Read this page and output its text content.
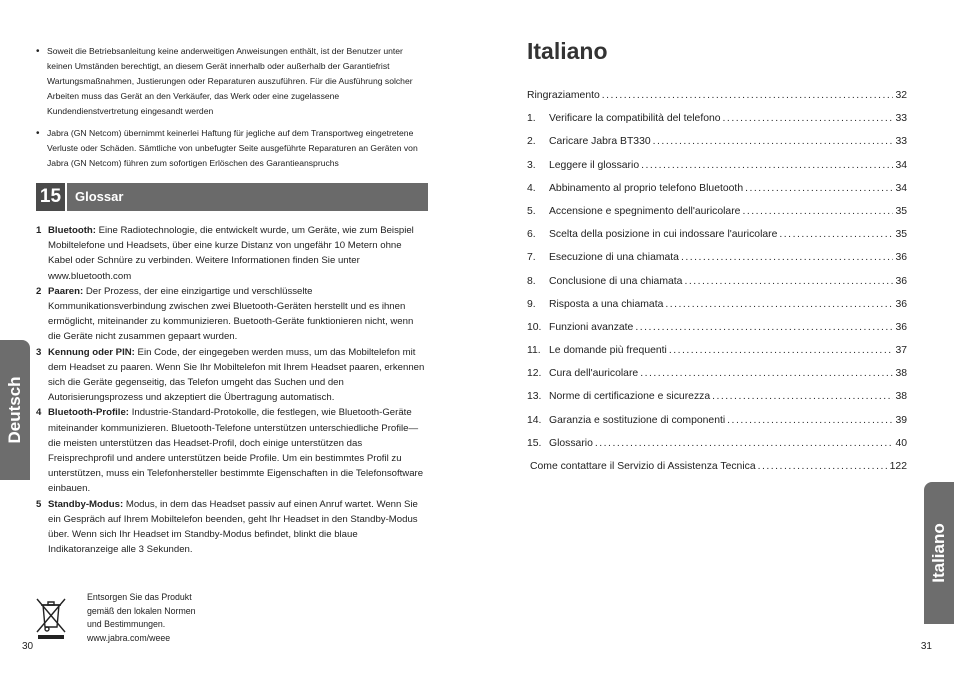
• Soweit die Betriebsanleitung keine anderweitigen Anweisungen enthält, ist der Benutzer unter keinen Umständen berechtigt, an diesem Gerät innerhalb oder außerhalb der Garantiefrist Wartungsmaßnahmen, Justierungen oder Reparaturen auszuführen. Für die Ausführung solcher Arbeiten muss das Gerät an den Verkäufer, das Werk oder eine zugelassene Kundendienstvertretung eingesandt werden
• Jabra (GN Netcom) übernimmt keinerlei Haftung für jegliche auf dem Transportweg eingetretene Verluste oder Schäden. Sämtliche von unbefugter Seite ausgeführte Reparaturen an Geräten von Jabra (GN Netcom) führen zum sofortigen Erlöschen des Garantieanspruchs
15	Glossar
1 Bluetooth: Eine Radiotechnologie, die entwickelt wurde, um Geräte, wie zum Beispiel Mobiltelefone und Headsets, über eine kurze Distanz von ungefähr 10 Metern ohne Kabel oder Schnüre zu verbinden. Weitere Informationen finden Sie unter www.bluetooth.com
2 Paaren: Der Prozess, der eine einzigartige und verschlüsselte Kommunikationsverbindung zwischen zwei Bluetooth-Geräten herstellt und es ihnen ermöglicht, miteinander zu kommunizieren. Buetooth-Geräte funktionieren nicht, wenn die Geräte nicht zusammen gepaart wurden.
3 Kennung oder PIN: Ein Code, der eingegeben werden muss, um das Mobiltelefon mit dem Headset zu paaren. Wenn Sie Ihr Mobiltelefon mit Ihrem Headset paaren, erkennen sich die Geräte gegenseitig, das Telefon umgeht das Suchen und den Autorisierungsprozess und akzeptiert die Übertragung automatisch.
4 Bluetooth-Profile: Industrie-Standard-Protokolle, die festlegen, wie Bluetooth-Geräte miteinander kommunizieren. Bluetooth-Telefone unterstützen unterschiedliche Profile—die meisten unterstützen das Headset-Profil, doch einige unterstützen das Freisprechprofil und andere unterstützen beide Profile. Um ein bestimmtes Profil zu unterstützen, muss ein Telefonhersteller bestimmte Eigenschaften in die Telefonsoftware einbauen.
5 Standby-Modus: Modus, in dem das Headset passiv auf einen Anruf wartet. Wenn Sie ein Gespräch auf Ihrem Mobiltelefon beenden, geht Ihr Headset in den Standby-Modus über. Wenn sich Ihr Headset im Standby-Modus befindet, blinkt die blaue Indikatoranzeige alle 3 Sekunden.
Deutsch
Entsorgen Sie das Produkt
gemäß den lokalen Normen
und Bestimmungen.
www.jabra.com/weee
30
Italiano
Ringraziamento .....	32
1.	Verificare la compatibilità del telefono .....	33
2.	Caricare Jabra BT330 .....	33
3.	Leggere il glossario .....	34
4.	Abbinamento al proprio telefono Bluetooth .....	34
5.	Accensione e spegnimento dell'auricolare .....	35
6.	Scelta della posizione in cui indossare l'auricolare .....	35
7.	Esecuzione di una chiamata .....	36
8.	Conclusione di una chiamata .....	36
9.	Risposta a una chiamata .....	36
10. Funzioni avanzate .....	36
11. Le domande più frequenti .....	37
12. Cura dell'auricolare .....	38
13. Norme di certificazione e sicurezza .....	38
14. Garanzia e sostituzione di componenti .....	39
15. Glossario .....	40
Come contattare il Servizio di Assistenza Tecnica .....	122
Italiano
31
